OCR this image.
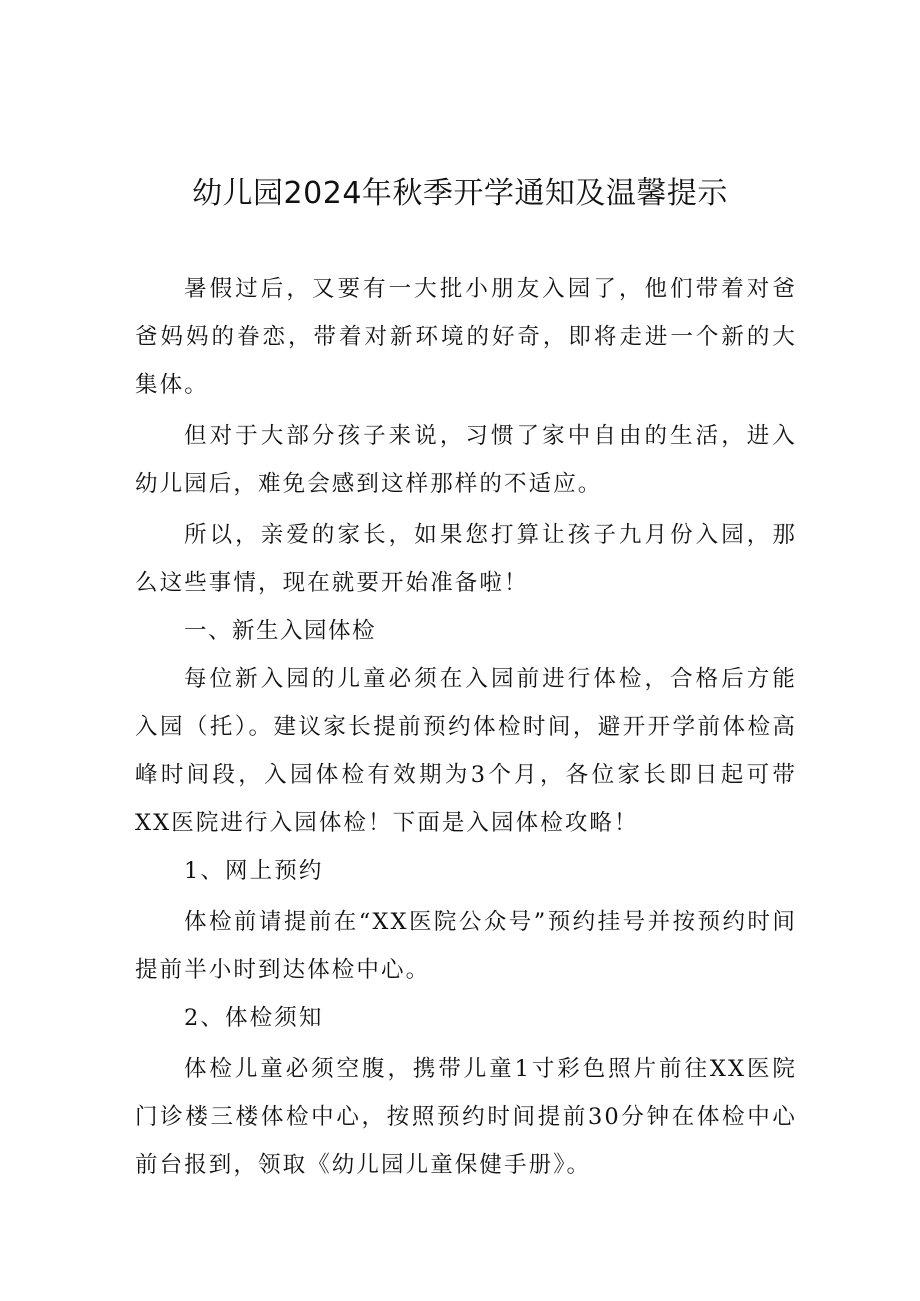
幼儿园2024年秋季开学通知及温馨提示

暑假过后，又要有一大批小朋友入园了，他们带着对爸爸妈妈的眷恋，带着对新环境的好奇，即将走进一个新的大集体。

但对于大部分孩子来说，习惯了家中自由的生活，进入幼儿园后，难免会感到这样那样的不适应。

所以，亲爱的家长，如果您打算让孩子九月份入园，那么这些事情，现在就要开始准备啦！

一、新生入园体检

每位新入园的儿童必须在入园前进行体检，合格后方能入园（托）。建议家长提前预约体检时间，避开开学前体检高峰时间段，入园体检有效期为3个月，各位家长即日起可带XX医院进行入园体检！下面是入园体检攻略！

1、网上预约

体检前请提前在“XX医院公众号”预约挂号并按预约时间提前半小时到达体检中心。

2、体检须知

体检儿童必须空腹，携带儿童1寸彩色照片前往XX医院门诊楼三楼体检中心，按照预约时间提前30分钟在体检中心前台报到，领取《幼儿园儿童保健手册》。
